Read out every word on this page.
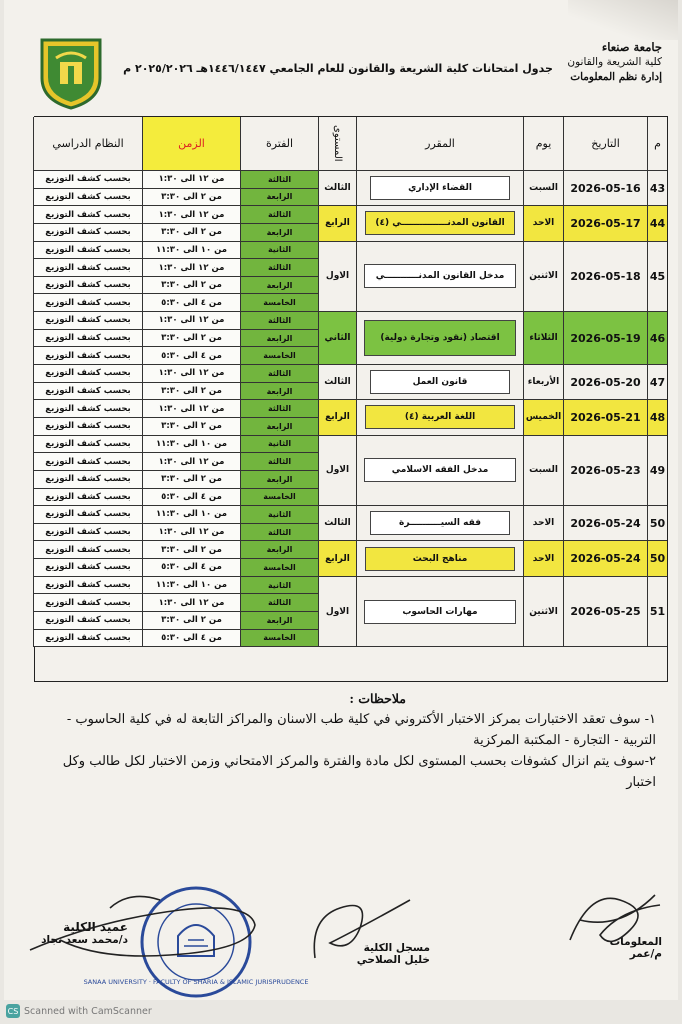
جامعة صنعاء
كلية الشريعة والقانون
إدارة نظم المعلومات
جدول امتحانات كلية الشريعة والقانون للعام الجامعي ١٤٤٦/١٤٤٧هـ ٢٠٢٥/٢٠٢٦ م
م
التاريخ
يوم
المقرر
المستوى
الفترة
الزمن
النظام الدراسي
43
2026-05-16
السبت
القضاء الإداري
الثالث
44
2026-05-17
الاحد
القانون المدنـــــــــــــــي (٤)
الرابع
45
2026-05-18
الاثنين
مدخل القانون المدنـــــــــــي
الاول
46
2026-05-19
الثلاثاء
اقتصاد (نقود وتجارة دولية)
الثاني
47
2026-05-20
الأربعاء
قانون العمل
الثالث
48
2026-05-21
الخميس
اللغة العربية (٤)
الرابع
49
2026-05-23
السبت
مدخل الفقه الاسلامي
الاول
50
2026-05-24
الاحد
فقه السيــــــــــرة
الثالث
50
2026-05-24
الاحد
مناهج البحث
الرابع
51
2026-05-25
الاثنين
مهارات الحاسوب
الاول
الثالثة
من ١٢ الى ١:٣٠
بحسب كشف التوزيع
الرابعة
من ٢ الى ٣:٣٠
بحسب كشف التوزيع
الثالثة
من ١٢ الى ١:٣٠
بحسب كشف التوزيع
الرابعة
من ٢ الى ٣:٣٠
بحسب كشف التوزيع
الثانية
من ١٠ الى ١١:٣٠
بحسب كشف التوزيع
الثالثة
من ١٢ الى ١:٣٠
بحسب كشف التوزيع
الرابعة
من ٢ الى ٣:٣٠
بحسب كشف التوزيع
الخامسة
من ٤ الى ٥:٣٠
بحسب كشف التوزيع
الثالثة
من ١٢ الى ١:٣٠
بحسب كشف التوزيع
الرابعة
من ٢ الى ٣:٣٠
بحسب كشف التوزيع
الخامسة
من ٤ الى ٥:٣٠
بحسب كشف التوزيع
الثالثة
من ١٢ الى ١:٣٠
بحسب كشف التوزيع
الرابعة
من ٢ الى ٣:٣٠
بحسب كشف التوزيع
الثالثة
من ١٢ الى ١:٣٠
بحسب كشف التوزيع
الرابعة
من ٢ الى ٣:٣٠
بحسب كشف التوزيع
الثانية
من ١٠ الى ١١:٣٠
بحسب كشف التوزيع
الثالثة
من ١٢ الى ١:٣٠
بحسب كشف التوزيع
الرابعة
من ٢ الى ٣:٣٠
بحسب كشف التوزيع
الخامسة
من ٤ الى ٥:٣٠
بحسب كشف التوزيع
الثانية
من ١٠ الى ١١:٣٠
بحسب كشف التوزيع
الثالثة
من ١٢ الى ١:٣٠
بحسب كشف التوزيع
الرابعة
من ٢ الى ٣:٣٠
بحسب كشف التوزيع
الخامسة
من ٤ الى ٥:٣٠
بحسب كشف التوزيع
الثانية
من ١٠ الى ١١:٣٠
بحسب كشف التوزيع
الثالثة
من ١٢ الى ١:٣٠
بحسب كشف التوزيع
الرابعة
من ٢ الى ٣:٣٠
بحسب كشف التوزيع
الخامسة
من ٤ الى ٥:٣٠
بحسب كشف التوزيع
ملاحظات :
١- سوف تعقد الاختبارات بمركز الاختبار الأكتروني في كلية طب الاسنان والمراكز التابعة له في كلية الحاسوب - التربية - التجارة - المكتبة المركزية
٢-سوف يتم انزال كشوفات بحسب المستوى لكل مادة والفترة والمركز الامتحاني وزمن الاختبار لكل طالب وكل اختبار
المعلومات
م/عمر
مسجل الكلية
خليل الصلاحي
SANAA UNIVERSITY · FACULTY OF SHARIA & ISLAMIC JURISPRUDENCE
عميد الكلية
د/محمد سعد نجاد
CS Scanned with CamScanner
